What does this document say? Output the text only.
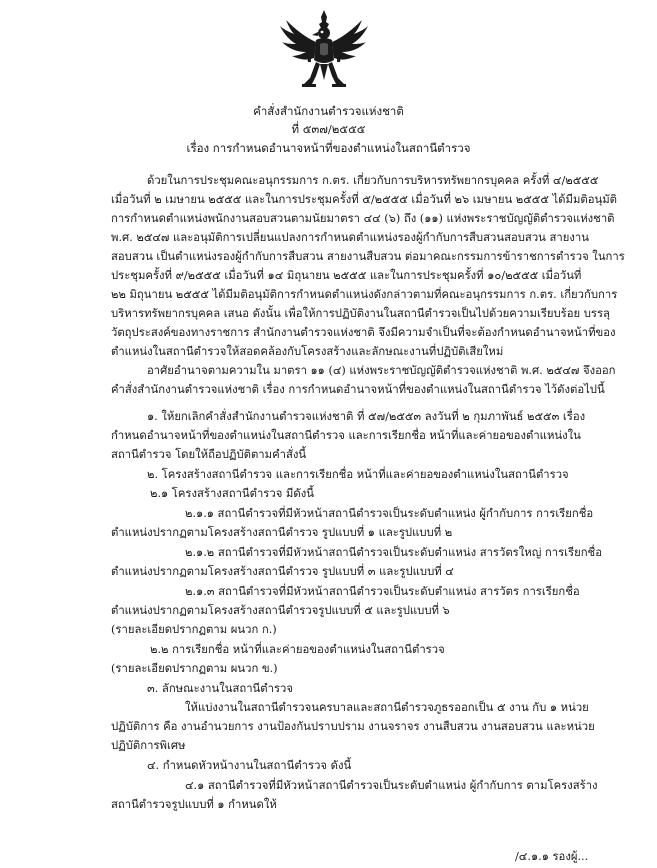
คำสั่งสำนักงานตำรวจแห่งชาติ
ที่ ๕๓๗/๒๕๕๕
เรื่อง การกำหนดอำนาจหน้าที่ของตำแหน่งในสถานีตำรวจ
ด้วยในการประชุมคณะอนุกรรมการ ก.ตร. เกี่ยวกับการบริหารทรัพยากรบุคคล ครั้งที่ ๔/๒๕๕๕
เมื่อวันที่ ๒ เมษายน ๒๕๕๕ และในการประชุมครั้งที่ ๕/๒๕๕๕ เมื่อวันที่ ๒๖ เมษายน ๒๕๕๕ ได้มีมติอนุมัติ
การกำหนดตำแหน่งพนักงานสอบสวนตามนัยมาตรา ๔๔ (๖) ถึง (๑๑) แห่งพระราชบัญญัติตำรวจแห่งชาติ
พ.ศ. ๒๕๔๗ และอนุมัติการเปลี่ยนแปลงการกำหนดตำแหน่งรองผู้กำกับการสืบสวนสอบสวน สายงาน
สอบสวน เป็นตำแหน่งรองผู้กำกับการสืบสวน สายงานสืบสวน ต่อมาคณะกรรมการข้าราชการตำรวจ ในการ
ประชุมครั้งที่ ๙/๒๕๕๕ เมื่อวันที่ ๑๔ มิถุนายน ๒๕๕๕ และในการประชุมครั้งที่ ๑๐/๒๕๕๕ เมื่อวันที่
๒๒ มิถุนายน ๒๕๕๕ ได้มีมติอนุมัติการกำหนดตำแหน่งดังกล่าวตามที่คณะอนุกรรมการ ก.ตร. เกี่ยวกับการ
บริหารทรัพยากรบุคคล เสนอ ดังนั้น เพื่อให้การปฏิบัติงานในสถานีตำรวจเป็นไปด้วยความเรียบร้อย บรรลุ
วัตถุประสงค์ของทางราชการ สำนักงานตำรวจแห่งชาติ จึงมีความจำเป็นที่จะต้องกำหนดอำนาจหน้าที่ของ
ตำแหน่งในสถานีตำรวจให้สอดคล้องกับโครงสร้างและลักษณะงานที่ปฏิบัติเสียใหม่
อาศัยอำนาจตามความใน มาตรา ๑๑ (๔) แห่งพระราชบัญญัติตำรวจแห่งชาติ พ.ศ. ๒๕๔๗ จึงออก
คำสั่งสำนักงานตำรวจแห่งชาติ เรื่อง การกำหนดอำนาจหน้าที่ของตำแหน่งในสถานีตำรวจ ไว้ดังต่อไปนี้
๑. ให้ยกเลิกคำสั่งสำนักงานตำรวจแห่งชาติ ที่ ๕๗/๒๕๕๓ ลงวันที่ ๒ กุมภาพันธ์ ๒๕๕๓ เรื่อง
กำหนดอำนาจหน้าที่ของตำแหน่งในสถานีตำรวจ และการเรียกชื่อ หน้าที่และค่ายอของตำแหน่งใน
สถานีตำรวจ โดยให้ถือปฏิบัติตามคำสั่งนี้
๒. โครงสร้างสถานีตำรวจ และการเรียกชื่อ หน้าที่และค่ายอของตำแหน่งในสถานีตำรวจ
๒.๑ โครงสร้างสถานีตำรวจ มีดังนี้
๒.๑.๑ สถานีตำรวจที่มีหัวหน้าสถานีตำรวจเป็นระดับตำแหน่ง ผู้กำกับการ การเรียกชื่อ
ตำแหน่งปรากฏตามโครงสร้างสถานีตำรวจ รูปแบบที่ ๑ และรูปแบบที่ ๒
๒.๑.๒ สถานีตำรวจที่มีหัวหน้าสถานีตำรวจเป็นระดับตำแหน่ง สารวัตรใหญ่ การเรียกชื่อ
ตำแหน่งปรากฏตามโครงสร้างสถานีตำรวจ รูปแบบที่ ๓ และรูปแบบที่ ๔
๒.๑.๓ สถานีตำรวจที่มีหัวหน้าสถานีตำรวจเป็นระดับตำแหน่ง สารวัตร การเรียกชื่อ
ตำแหน่งปรากฏตามโครงสร้างสถานีตำรวจรูปแบบที่ ๕ และรูปแบบที่ ๖
(รายละเอียดปรากฏตาม ผนวก ก.)
๒.๒ การเรียกชื่อ หน้าที่และค่ายอของตำแหน่งในสถานีตำรวจ
(รายละเอียดปรากฏตาม ผนวก ข.)
๓. ลักษณะงานในสถานีตำรวจ
ให้แบ่งงานในสถานีตำรวจนครบาลและสถานีตำรวจภูธรออกเป็น ๕ งาน กับ ๑ หน่วย
ปฏิบัติการ คือ งานอำนวยการ งานป้องกันปราบปราม งานจราจร งานสืบสวน งานสอบสวน และหน่วย
ปฏิบัติการพิเศษ
๔. กำหนดหัวหน้างานในสถานีตำรวจ ดังนี้
๔.๑ สถานีตำรวจที่มีหัวหน้าสถานีตำรวจเป็นระดับตำแหน่ง ผู้กำกับการ ตามโครงสร้าง
สถานีตำรวจรูปแบบที่ ๑ กำหนดให้
/๔.๑.๑ รองผู้...
